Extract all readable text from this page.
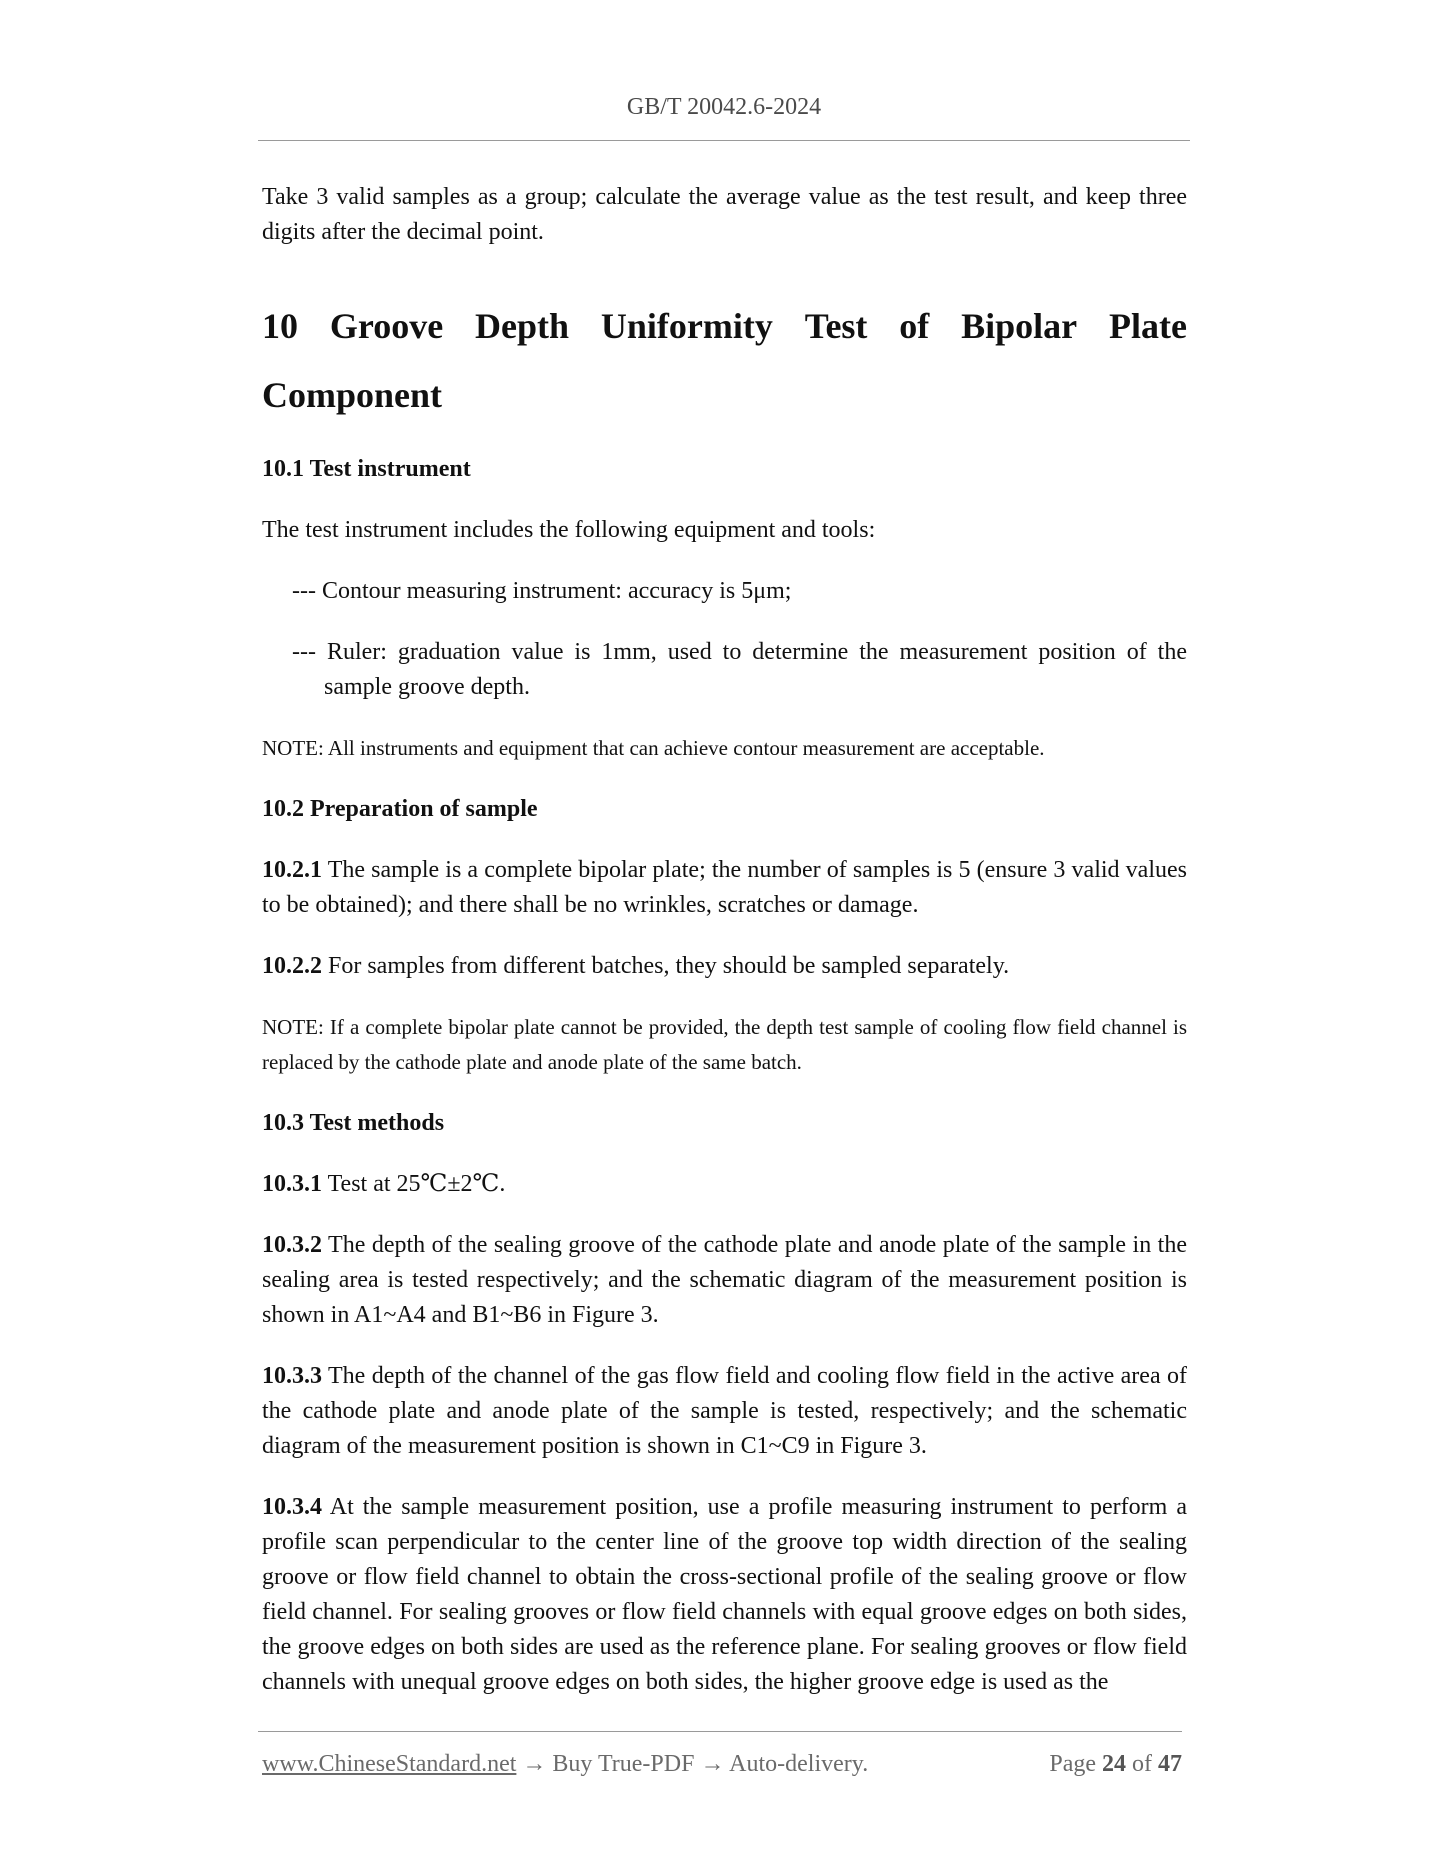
GB/T 20042.6-2024

Take 3 valid samples as a group; calculate the average value as the test result, and keep three digits after the decimal point.

10 Groove Depth Uniformity Test of Bipolar Plate
Component
10.1 Test instrument

The test instrument includes the following equipment and tools:

--- Contour measuring instrument: accuracy is 5μm;

--- Ruler: graduation value is 1mm, used to determine the measurement position of the sample groove depth.

NOTE: All instruments and equipment that can achieve contour measurement are acceptable.

10.2 Preparation of sample

10.2.1 The sample is a complete bipolar plate; the number of samples is 5 (ensure 3 valid values to be obtained); and there shall be no wrinkles, scratches or damage.

10.2.2 For samples from different batches, they should be sampled separately.

NOTE: If a complete bipolar plate cannot be provided, the depth test sample of cooling flow field channel is replaced by the cathode plate and anode plate of the same batch.

10.3 Test methods

10.3.1 Test at 25℃±2℃.

10.3.2 The depth of the sealing groove of the cathode plate and anode plate of the sample in the sealing area is tested respectively; and the schematic diagram of the measurement position is shown in A1~A4 and B1~B6 in Figure 3.

10.3.3 The depth of the channel of the gas flow field and cooling flow field in the active area of the cathode plate and anode plate of the sample is tested, respectively; and the schematic diagram of the measurement position is shown in C1~C9 in Figure 3.

10.3.4 At the sample measurement position, use a profile measuring instrument to perform a profile scan perpendicular to the center line of the groove top width direction of the sealing groove or flow field channel to obtain the cross-sectional profile of the sealing groove or flow field channel. For sealing grooves or flow field channels with equal groove edges on both sides, the groove edges on both sides are used as the reference plane. For sealing grooves or flow field channels with unequal groove edges on both sides, the higher groove edge is used as the

www.ChineseStandard.net → Buy True-PDF → Auto-delivery.	Page 24 of 47
